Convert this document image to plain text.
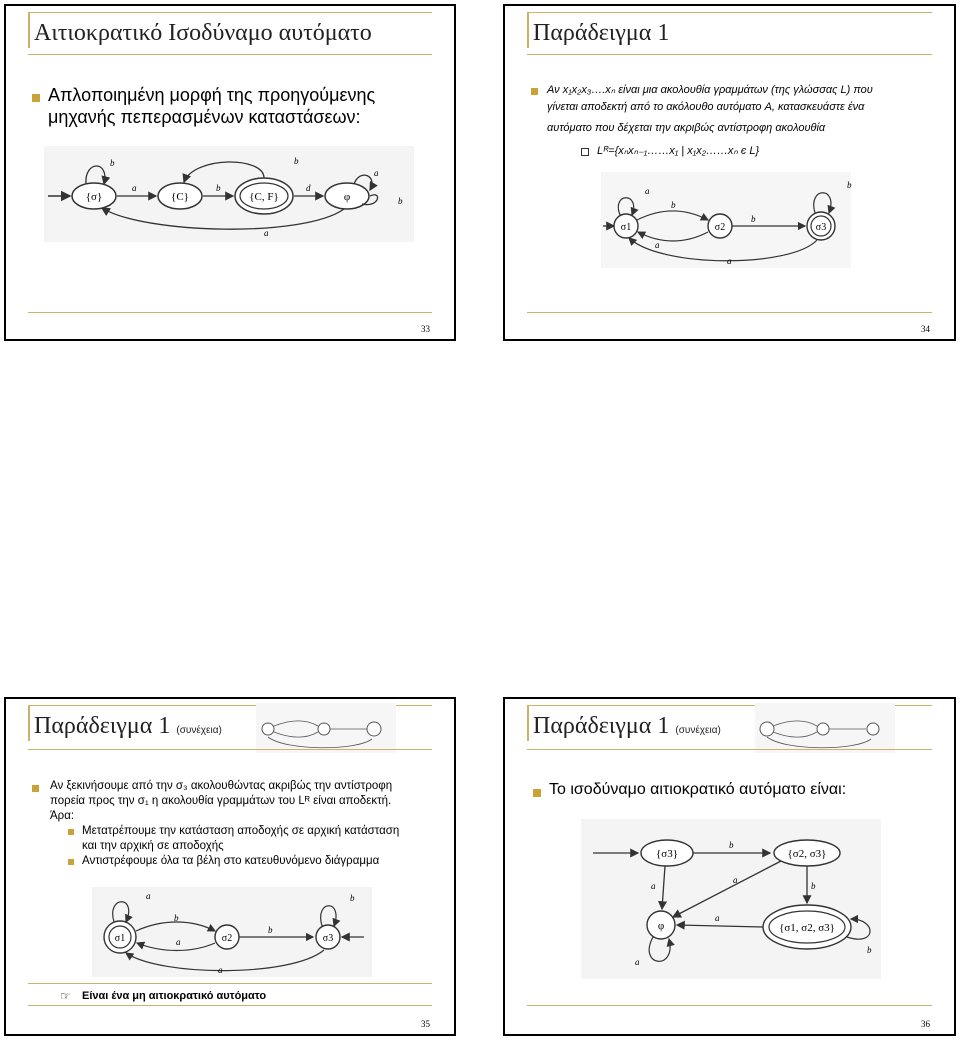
Αιτιοκρατικό Ισοδύναμο αυτόματο
Απλοποιημένη μορφή της προηγούμενης
μηχανής πεπερασμένων καταστάσεων:
{σ}	{C}	{C, F}	φ
b
a	b	d
b
a
b
a
33
Παράδειγμα 1
Αν x₁x₂x₃….xₙ είναι μια ακολουθία γραμμάτων (της γλώσσας L) που
γίνεται αποδεκτή από το ακόλουθο αυτόματο A, κατασκευάστε ένα
αυτόματο που δέχεται την ακριβώς αντίστροφη ακολουθία
Lᴿ={xₙxₙ₋₁……x₁ | x₁x₂……xₙ є L}
σ1	σ2	σ3
a
b
a
b
b
a
34
Παράδειγμα 1 (συνέχεια)
Αν ξεκινήσουμε από την σ₃ ακολουθώντας ακριβώς την αντίστροφη
πορεία προς την σ₁ η ακολουθία γραμμάτων του Lᴿ είναι αποδεκτή.
Άρα:
Μετατρέπουμε την κατάσταση αποδοχής σε αρχική κατάσταση
και την αρχική σε αποδοχής
Αντιστρέφουμε όλα τα βέλη στο κατευθυνόμενο διάγραμμα
σ1	σ2	σ3
a
b
a
b
b
a
☞ Είναι ένα μη αιτιοκρατικό αυτόματο
35
Παράδειγμα 1 (συνέχεια)
Το ισοδύναμο αιτιοκρατικό αυτόματο είναι:
{σ3}	{σ2, σ3}
φ	{σ1, σ2, σ3}
b
a
a
b
a
b
a
36
